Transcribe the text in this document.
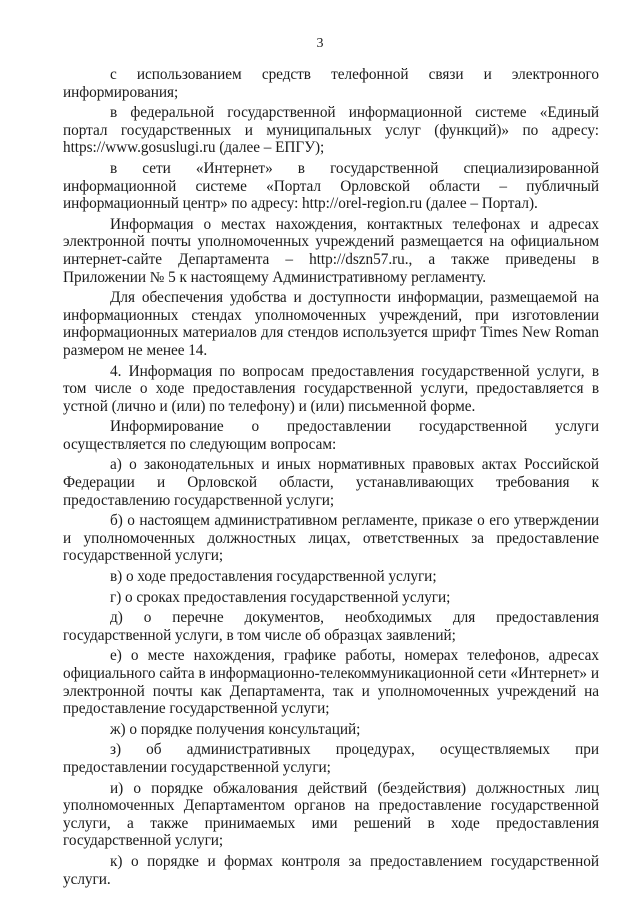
3

с использованием средств телефонной связи и электронного информирования;

в федеральной государственной информационной системе «Единый портал государственных и муниципальных услуг (функций)» по адресу: https://www.gosuslugi.ru (далее – ЕПГУ);

в сети «Интернет» в государственной специализированной информационной системе «Портал Орловской области – публичный информационный центр» по адресу: http://orel-region.ru (далее – Портал).

Информация о местах нахождения, контактных телефонах и адресах электронной почты уполномоченных учреждений размещается на официальном интернет-сайте Департамента – http://dszn57.ru., а также приведены в Приложении № 5 к настоящему Административному регламенту.

Для обеспечения удобства и доступности информации, размещаемой на информационных стендах уполномоченных учреждений, при изготовлении информационных материалов для стендов используется шрифт Times New Roman размером не менее 14.

4. Информация по вопросам предоставления государственной услуги, в том числе о ходе предоставления государственной услуги, предоставляется в устной (лично и (или) по телефону) и (или) письменной форме.

Информирование о предоставлении государственной услуги осуществляется по следующим вопросам:

а) о законодательных и иных нормативных правовых актах Российской Федерации и Орловской области, устанавливающих требования к предоставлению государственной услуги;

б) о настоящем административном регламенте, приказе о его утверждении и уполномоченных должностных лицах, ответственных за предоставление государственной услуги;

в) о ходе предоставления государственной услуги;

г) о сроках предоставления государственной услуги;

д) о перечне документов, необходимых для предоставления государственной услуги, в том числе об образцах заявлений;

е) о месте нахождения, графике работы, номерах телефонов, адресах официального сайта в информационно-телекоммуникационной сети «Интернет» и электронной почты как Департамента, так и уполномоченных учреждений на предоставление государственной услуги;

ж) о порядке получения консультаций;

з) об административных процедурах, осуществляемых при предоставлении государственной услуги;

и) о порядке обжалования действий (бездействия) должностных лиц уполномоченных Департаментом органов на предоставление государственной услуги, а также принимаемых ими решений в ходе предоставления государственной услуги;

к) о порядке и формах контроля за предоставлением государственной услуги.
